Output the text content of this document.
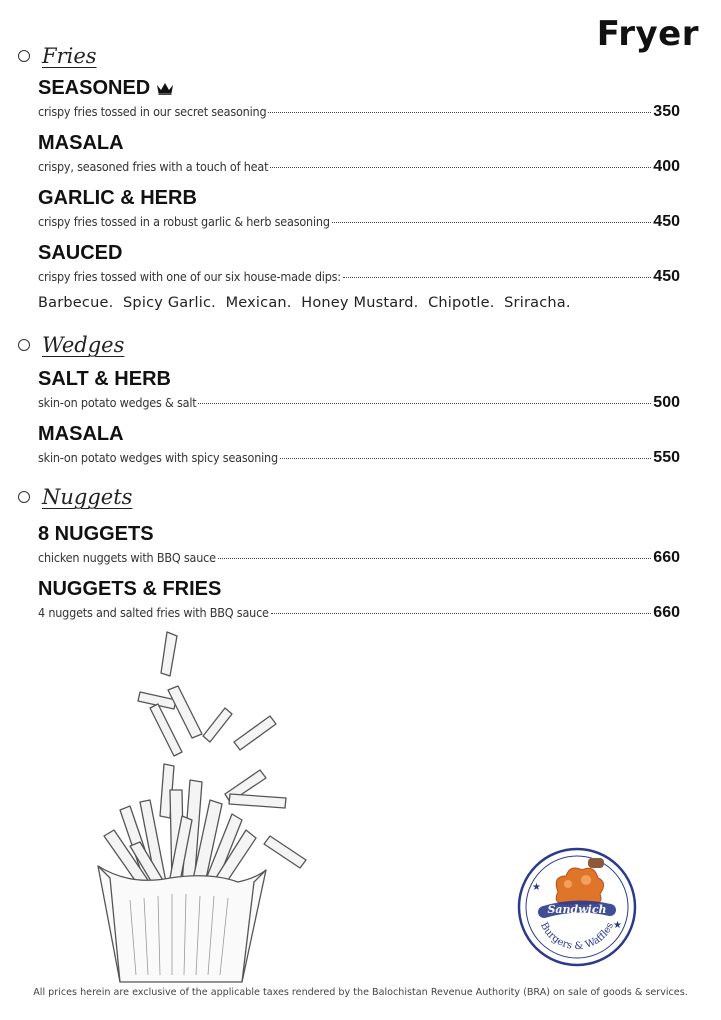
Fryer
Fries
SEASONED
crispy fries tossed in our secret seasoning	350
MASALA
crispy, seasoned fries with a touch of heat	400
GARLIC & HERB
crispy fries tossed in a robust garlic & herb seasoning	450
SAUCED
crispy fries tossed with one of our six house-made dips:	450
Barbecue.  Spicy Garlic.  Mexican.  Honey Mustard.  Chipotle.  Sriracha.
Wedges
SALT & HERB
skin-on potato wedges & salt	500
MASALA
skin-on potato wedges with spicy seasoning	550
Nuggets
8 NUGGETS
chicken nuggets with BBQ sauce	660
NUGGETS & FRIES
4 nuggets and salted fries with BBQ sauce	660
Sandwich
Burgers & Waffles
★
★
All prices herein are exclusive of the applicable taxes rendered by the Balochistan Revenue Authority (BRA) on sale of goods & services.
